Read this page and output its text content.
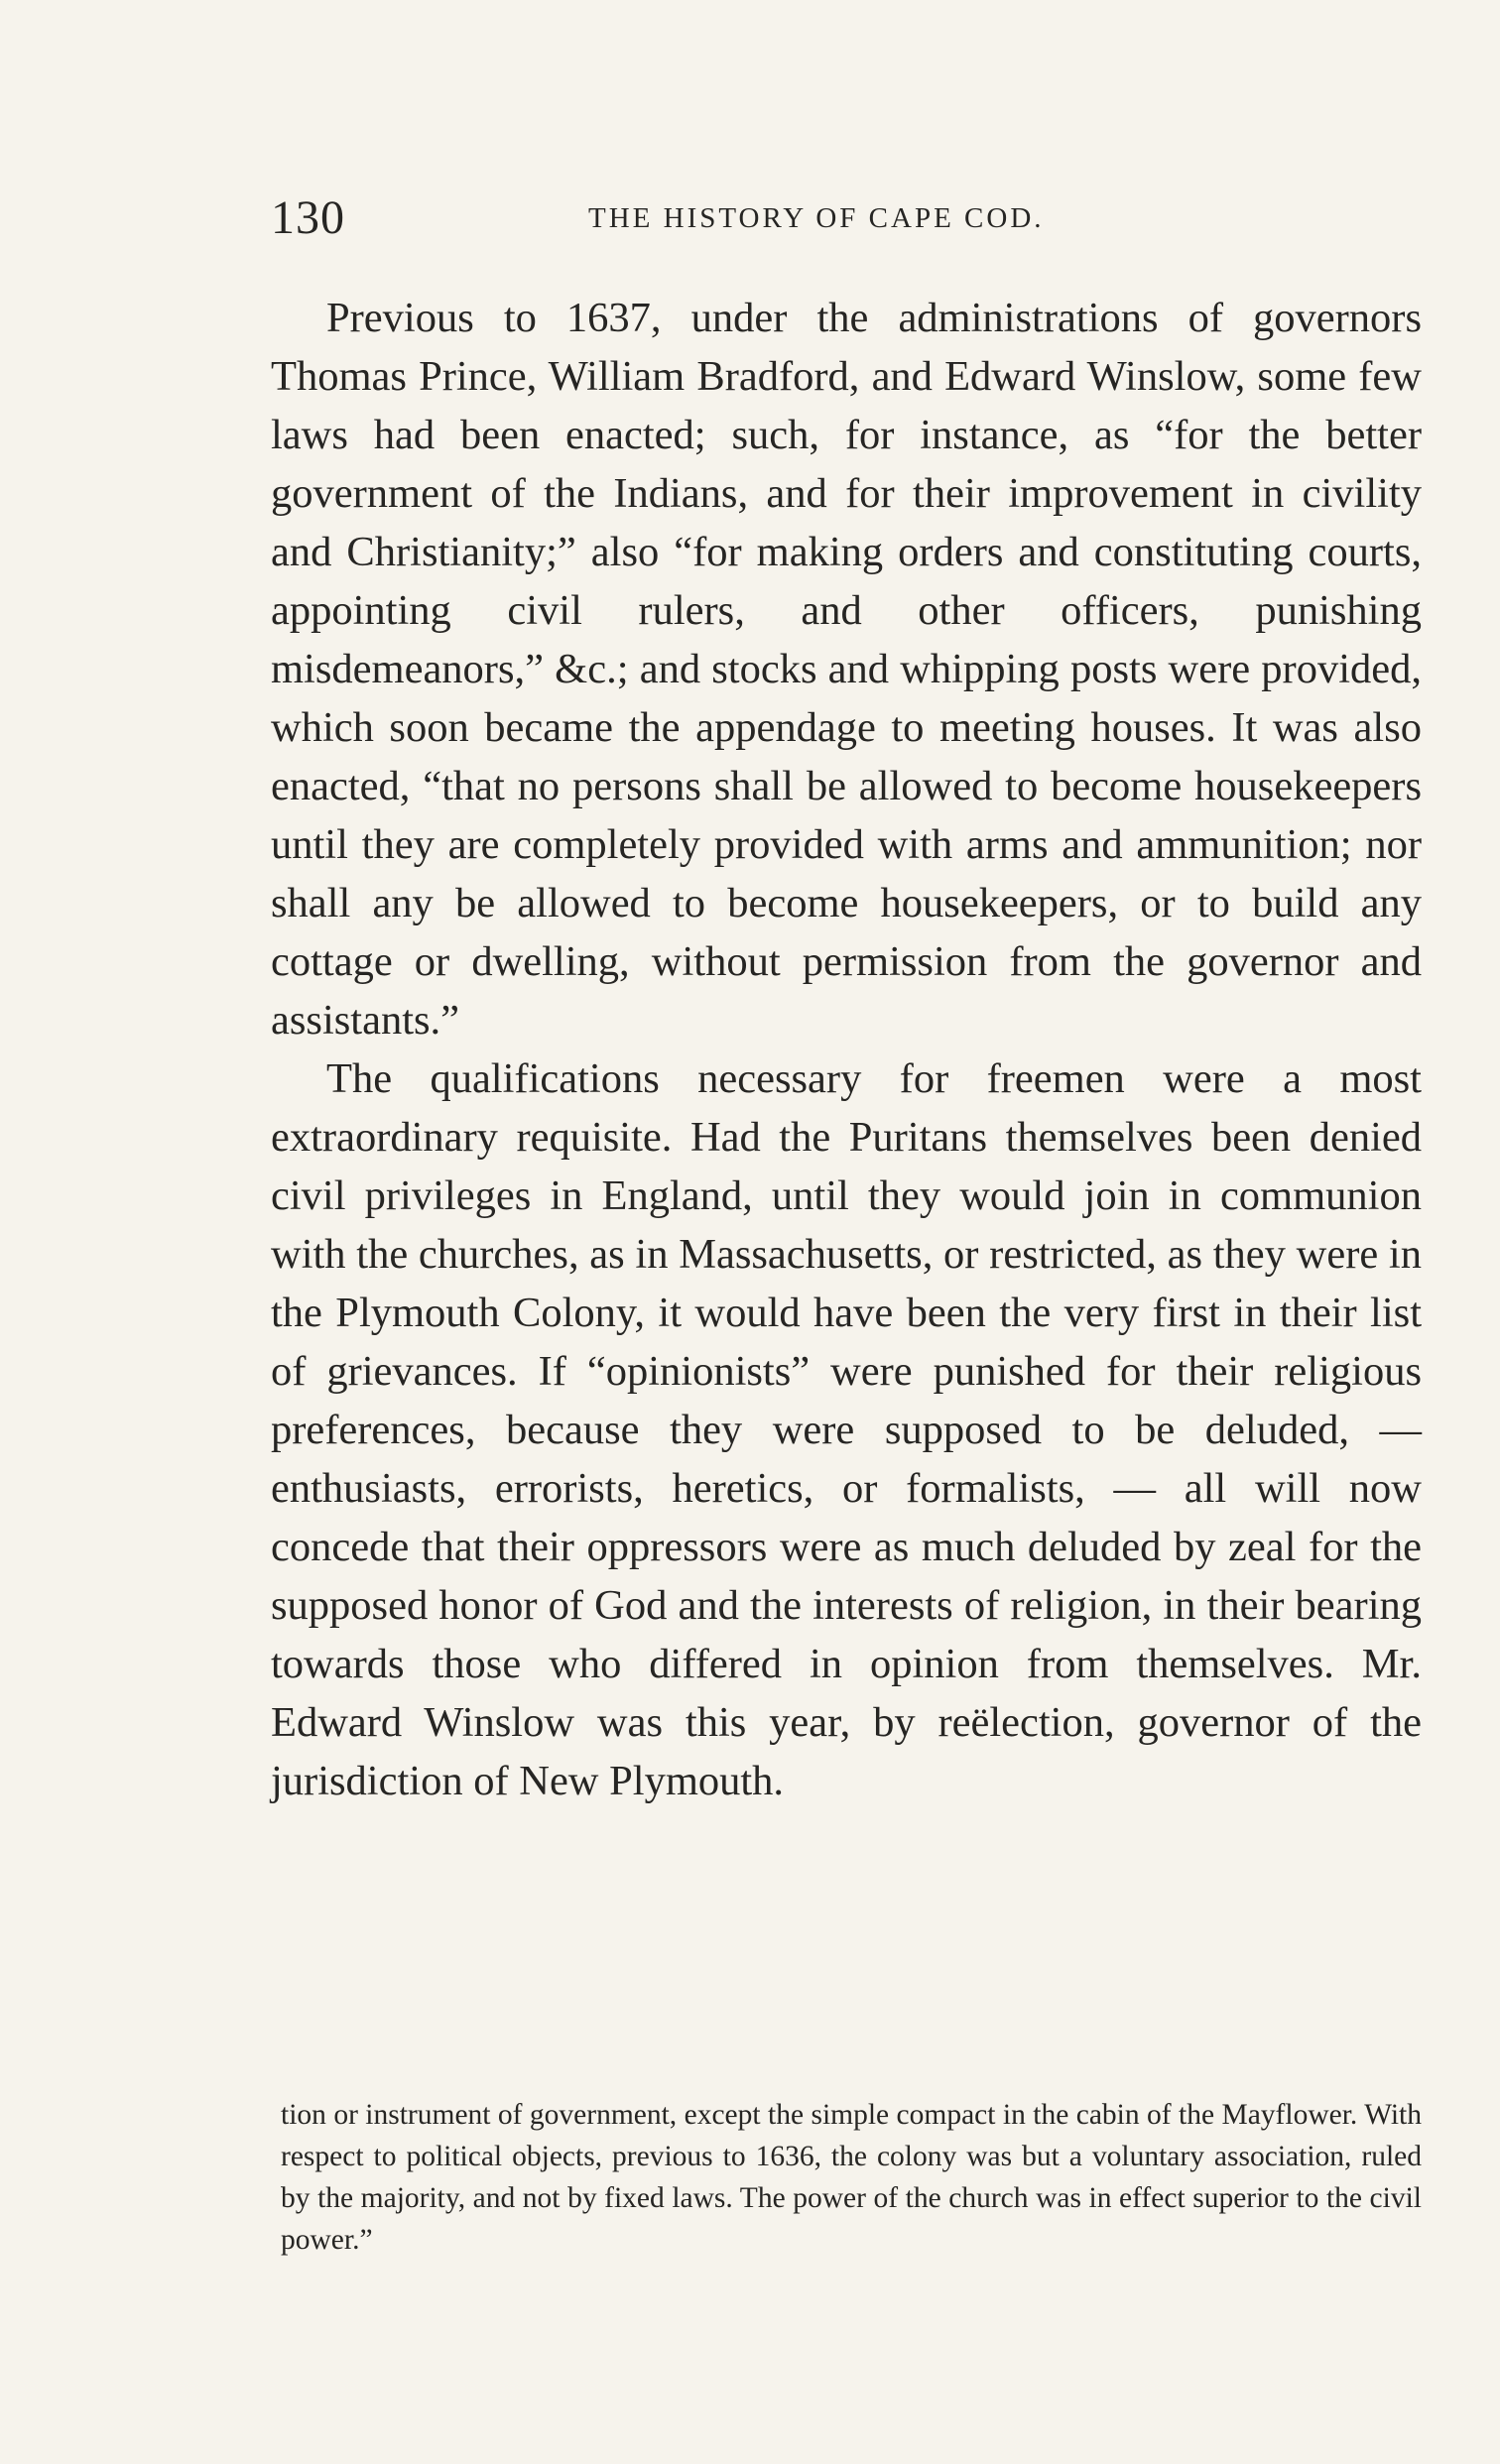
130	THE HISTORY OF CAPE COD.

Previous to 1637, under the administrations of governors Thomas Prince, William Bradford, and Edward Winslow, some few laws had been enacted; such, for instance, as “for the better government of the Indians, and for their improvement in civility and Christianity;” also “for making orders and constituting courts, appointing civil rulers, and other officers, punishing misdemeanors,” &c.; and stocks and whipping posts were provided, which soon became the appendage to meeting houses. It was also enacted, “that no persons shall be allowed to become housekeepers until they are completely provided with arms and ammunition; nor shall any be allowed to become housekeepers, or to build any cottage or dwelling, without permission from the governor and assistants.”

The qualifications necessary for freemen were a most extraordinary requisite. Had the Puritans themselves been denied civil privileges in England, until they would join in communion with the churches, as in Massachusetts, or restricted, as they were in the Plymouth Colony, it would have been the very first in their list of grievances. If “opinionists” were punished for their religious preferences, because they were supposed to be deluded, — enthusiasts, errorists, heretics, or formalists, — all will now concede that their oppressors were as much deluded by zeal for the supposed honor of God and the interests of religion, in their bearing towards those who differed in opinion from themselves. Mr. Edward Winslow was this year, by reëlection, governor of the jurisdiction of New Plymouth.

tion or instrument of government, except the simple compact in the cabin of the Mayflower. With respect to political objects, previous to 1636, the colony was but a voluntary association, ruled by the majority, and not by fixed laws. The power of the church was in effect superior to the civil power.”
